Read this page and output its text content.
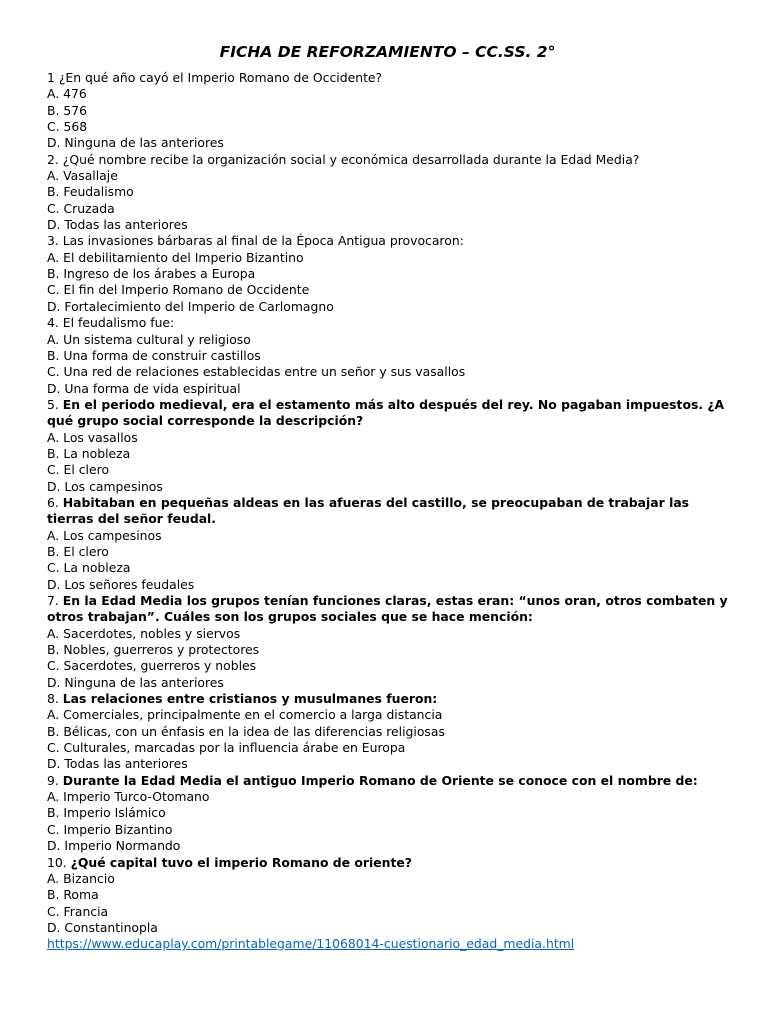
FICHA DE REFORZAMIENTO – CC.SS. 2°
1 ¿En qué año cayó el Imperio Romano de Occidente?
A. 476
B. 576
C. 568
D. Ninguna de las anteriores
2. ¿Qué nombre recibe la organización social y económica desarrollada durante la Edad Media?
A. Vasallaje
B. Feudalismo
C. Cruzada
D. Todas las anteriores
3. Las invasiones bárbaras al final de la Época Antigua provocaron:
A. El debilitamiento del Imperio Bizantino
B. Ingreso de los árabes a Europa
C. El fin del Imperio Romano de Occidente
D. Fortalecimiento del Imperio de Carlomagno
4. El feudalismo fue:
A. Un sistema cultural y religioso
B. Una forma de construir castillos
C. Una red de relaciones establecidas entre un señor y sus vasallos
D. Una forma de vida espiritual
5. En el periodo medieval, era el estamento más alto después del rey. No pagaban impuestos. ¿A qué grupo social corresponde la descripción?
A. Los vasallos
B. La nobleza
C. El clero
D. Los campesinos
6. Habitaban en pequeñas aldeas en las afueras del castillo, se preocupaban de trabajar las tierras del señor feudal.
A. Los campesinos
B. El clero
C. La nobleza
D. Los señores feudales
7. En la Edad Media los grupos tenían funciones claras, estas eran: “unos oran, otros combaten y otros trabajan”. Cuáles son los grupos sociales que se hace mención:
A. Sacerdotes, nobles y siervos
B. Nobles, guerreros y protectores
C. Sacerdotes, guerreros y nobles
D. Ninguna de las anteriores
8. Las relaciones entre cristianos y musulmanes fueron:
A. Comerciales, principalmente en el comercio a larga distancia
B. Bélicas, con un énfasis en la idea de las diferencias religiosas
C. Culturales, marcadas por la influencia árabe en Europa
D. Todas las anteriores
9. Durante la Edad Media el antiguo Imperio Romano de Oriente se conoce con el nombre de:
A. Imperio Turco-Otomano
B. Imperio Islámico
C. Imperio Bizantino
D. Imperio Normando
10. ¿Qué capital tuvo el imperio Romano de oriente?
A. Bizancio
B. Roma
C. Francia
D. Constantinopla
https://www.educaplay.com/printablegame/11068014-cuestionario_edad_media.html
